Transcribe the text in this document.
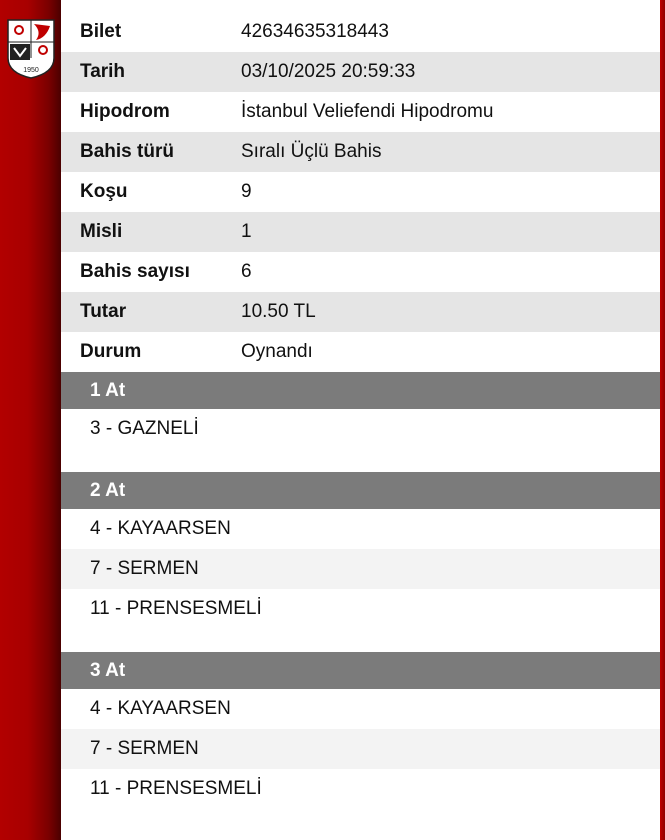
1950
Bilet	42634635318443
Tarih	03/10/2025 20:59:33
Hipodrom	İstanbul Veliefendi Hipodromu
Bahis türü	Sıralı Üçlü Bahis
Koşu	9
Misli	1
Bahis sayısı	6
Tutar	10.50 TL
Durum	Oynandı
1 At
3 - GAZNELİ
2 At
4 - KAYAARSEN
7 - SERMEN
11 - PRENSESMELİ
3 At
4 - KAYAARSEN
7 - SERMEN
11 - PRENSESMELİ
